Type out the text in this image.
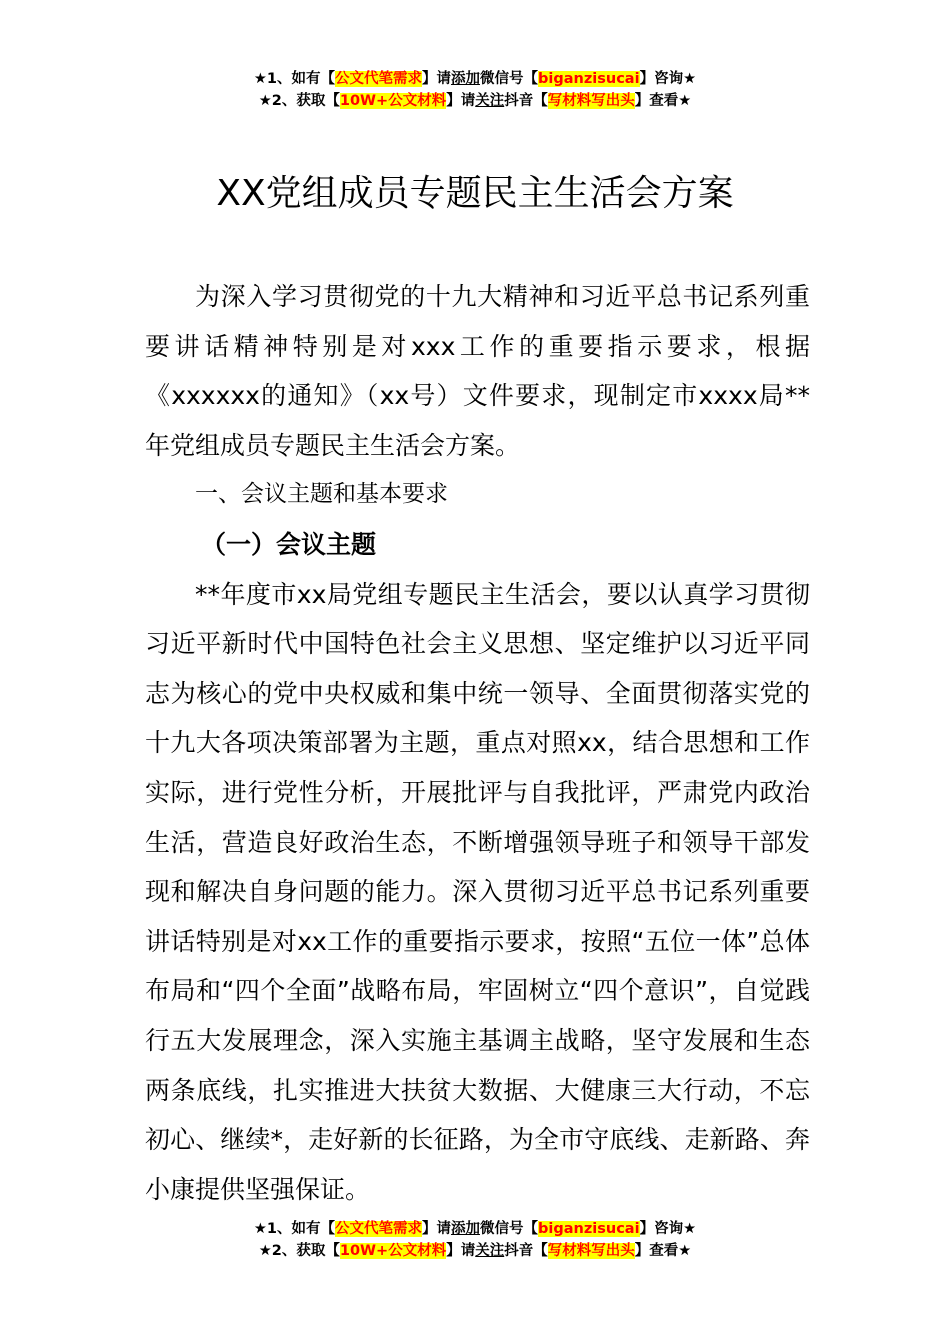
★1、如有【公文代笔需求】请添加微信号【biganzisucai】咨询★
★2、获取【10W+公文材料】请关注抖音【写材料写出头】查看★
XX党组成员专题民主生活会方案

为深入学习贯彻党的十九大精神和习近平总书记系列重要讲话精神特别是对xxx工作的重要指示要求，根据《xxxxxx的通知》（xx号）文件要求，现制定市xxxx局**年党组成员专题民主生活会方案。

一、会议主题和基本要求

（一）会议主题

**年度市xx局党组专题民主生活会，要以认真学习贯彻习近平新时代中国特色社会主义思想、坚定维护以习近平同志为核心的党中央权威和集中统一领导、全面贯彻落实党的十九大各项决策部署为主题，重点对照xx，结合思想和工作实际，进行党性分析，开展批评与自我批评，严肃党内政治生活，营造良好政治生态，不断增强领导班子和领导干部发现和解决自身问题的能力。深入贯彻习近平总书记系列重要讲话特别是对xx工作的重要指示要求，按照“五位一体”总体布局和“四个全面”战略布局，牢固树立“四个意识”，自觉践行五大发展理念，深入实施主基调主战略，坚守发展和生态两条底线，扎实推进大扶贫大数据、大健康三大行动，不忘初心、继续*，走好新的长征路，为全市守底线、走新路、奔小康提供坚强保证。

★1、如有【公文代笔需求】请添加微信号【biganzisucai】咨询★
★2、获取【10W+公文材料】请关注抖音【写材料写出头】查看★
